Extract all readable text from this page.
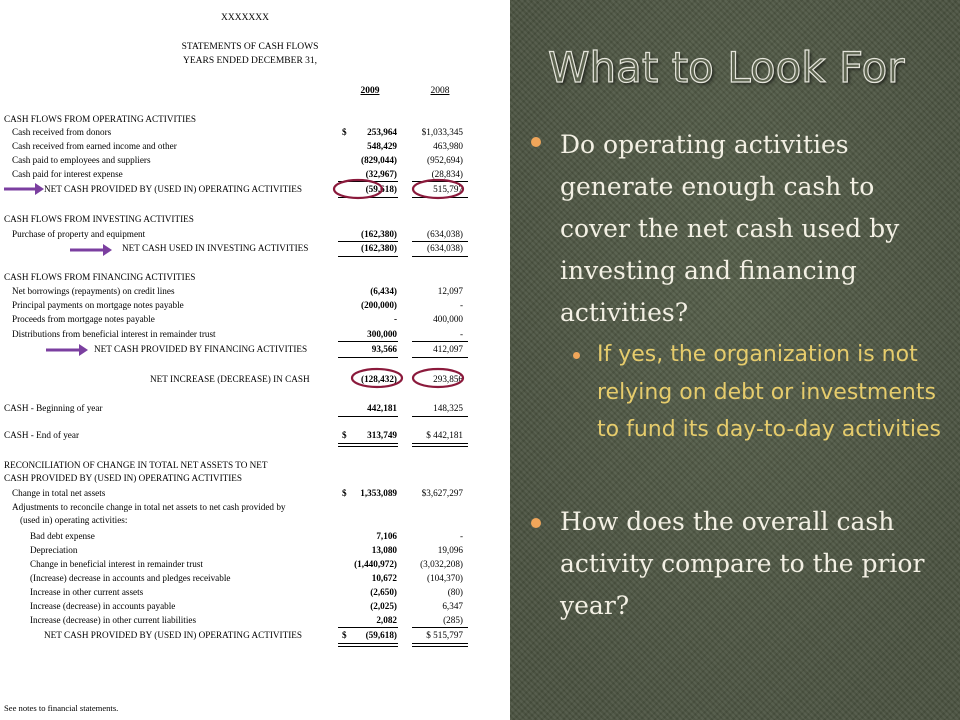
XXXXXXX
STATEMENTS OF CASH FLOWS
YEARS ENDED DECEMBER 31,
2009	2008
CASH FLOWS FROM OPERATING ACTIVITIES
$
Cash received from donors	253,964	$1,033,345
Cash received from earned income and other	548,429	463,980
Cash paid to employees and suppliers	(829,044)	(952,694)
Cash paid for interest expense	(32,967)	(28,834)
NET CASH PROVIDED BY (USED IN) OPERATING ACTIVITIES	(59,618)	515,797
CASH FLOWS FROM INVESTING ACTIVITIES
Purchase of property and equipment	(162,380)	(634,038)
NET CASH USED IN INVESTING ACTIVITIES	(162,380)	(634,038)
CASH FLOWS FROM FINANCING ACTIVITIES
Net borrowings (repayments) on credit lines	(6,434)	12,097
Principal payments on mortgage notes payable	(200,000)	-
Proceeds from mortgage notes payable	-	400,000
Distributions from beneficial interest in remainder trust	300,000	-
NET CASH PROVIDED BY FINANCING ACTIVITIES	93,566	412,097
NET INCREASE (DECREASE) IN CASH	(128,432)	293,856
CASH - Beginning of year	442,181	148,325
CASH - End of year	$ 313,749	$ 442,181
RECONCILIATION OF CHANGE IN TOTAL NET ASSETS TO NET
CASH PROVIDED BY (USED IN) OPERATING ACTIVITIES
Change in total net assets	$ 1,353,089	$3,627,297
Adjustments to reconcile change in total net assets to net cash provided by
(used in) operating activities:
Bad debt expense	7,106	-
Depreciation	13,080	19,096
Change in beneficial interest in remainder trust	(1,440,972)	(3,032,208)
(Increase) decrease in accounts and pledges receivable	10,672	(104,370)
Increase in other current assets	(2,650)	(80)
Increase (decrease) in accounts payable	(2,025)	6,347
Increase (decrease) in other current liabilities	2,082	(285)
NET CASH PROVIDED BY (USED IN) OPERATING ACTIVITIES	$ (59,618)	$ 515,797
See notes to financial statements.
What to Look For
Do operating activities generate enough cash to cover the net cash used by investing and financing activities?
If yes, the organization is not relying on debt or investments to fund its day-to-day activities
How does the overall cash activity compare to the prior year?
